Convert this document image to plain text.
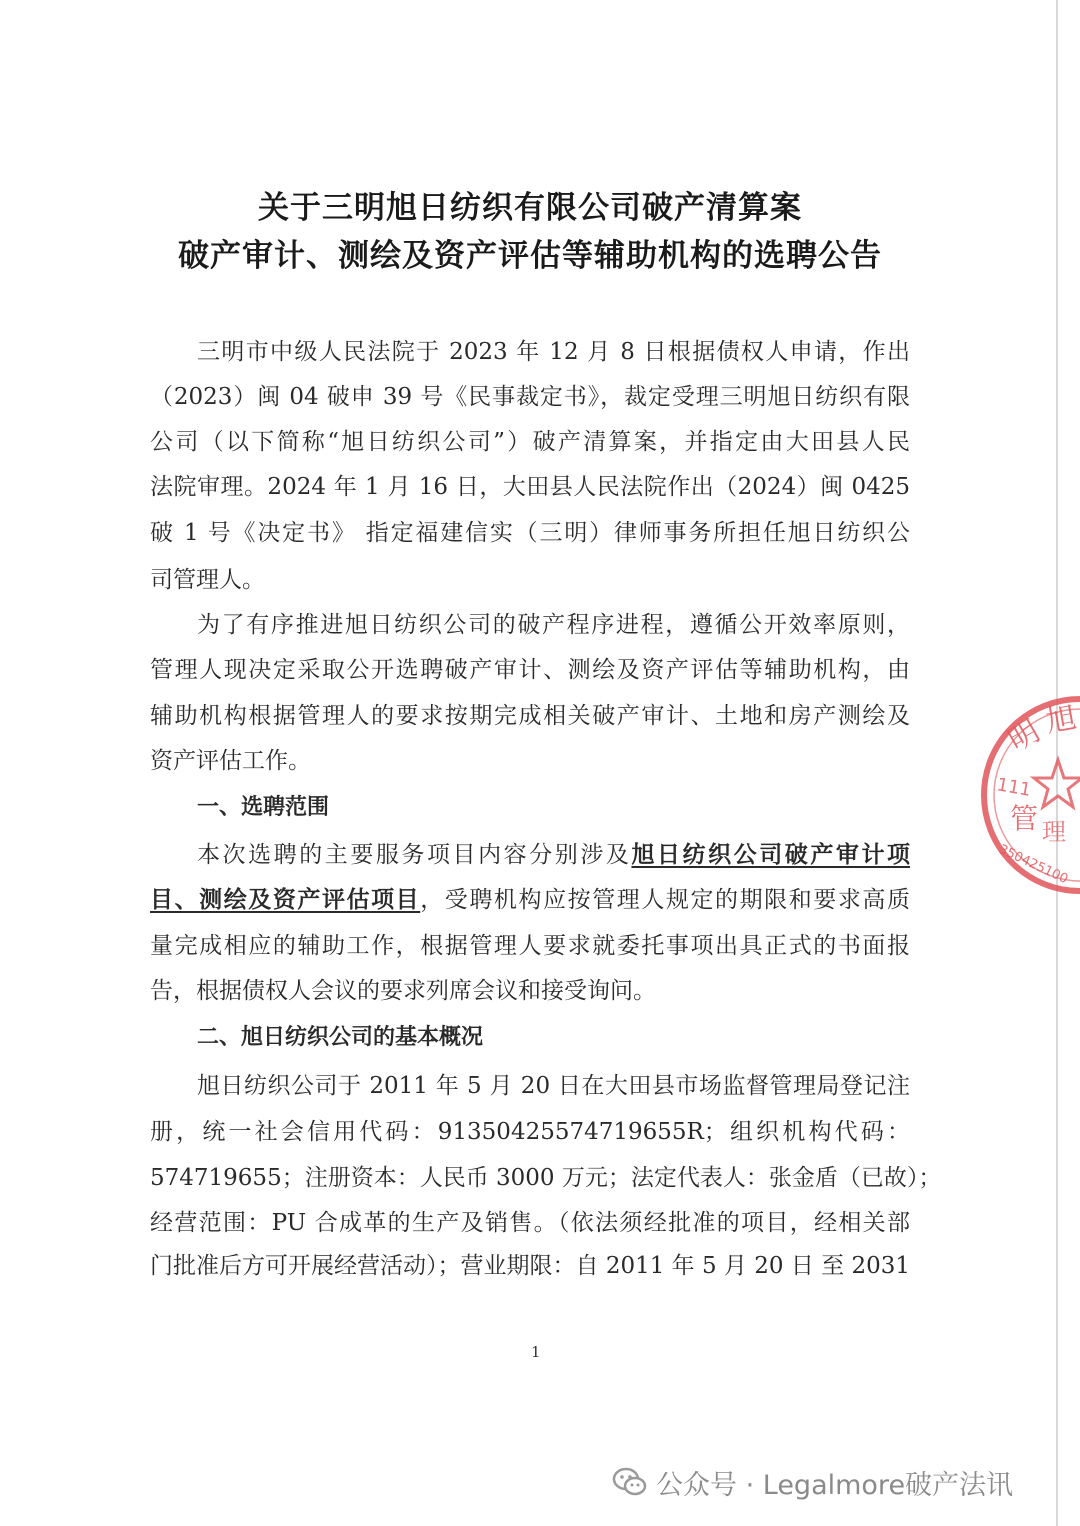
关于三明旭日纺织有限公司破产清算案
破产审计、测绘及资产评估等辅助机构的选聘公告
三明市中级人民法院于 2023 年 12 月 8 日根据债权人申请，作出
（2023）闽 04 破申 39 号《民事裁定书》，裁定受理三明旭日纺织有限
公司（以下简称“旭日纺织公司”）破产清算案，并指定由大田县人民
法院审理。2024 年 1 月 16 日，大田县人民法院作出（2024）闽 0425
破 1 号《决定书》 指定福建信实（三明）律师事务所担任旭日纺织公
司管理人。
为了有序推进旭日纺织公司的破产程序进程，遵循公开效率原则，
管理人现决定采取公开选聘破产审计、测绘及资产评估等辅助机构，由
辅助机构根据管理人的要求按期完成相关破产审计、土地和房产测绘及
资产评估工作。
一、选聘范围
本次选聘的主要服务项目内容分别涉及旭日纺织公司破产审计项
目、测绘及资产评估项目，受聘机构应按管理人规定的期限和要求高质
量完成相应的辅助工作，根据管理人要求就委托事项出具正式的书面报
告，根据债权人会议的要求列席会议和接受询问。
二、旭日纺织公司的基本概况
旭日纺织公司于 2011 年 5 月 20 日在大田县市场监督管理局登记注
册，统一社会信用代码：91350425574719655R；组织机构代码：
574719655；注册资本：人民币 3000 万元；法定代表人：张金盾（已故）；
经营范围：PU 合成革的生产及销售。（依法须经批准的项目，经相关部
门批准后方可开展经营活动）；营业期限：自 2011 年 5 月 20 日 至 2031
1
明
旭
111
管 理
350425100
公众号 · Legalmore破产法讯
